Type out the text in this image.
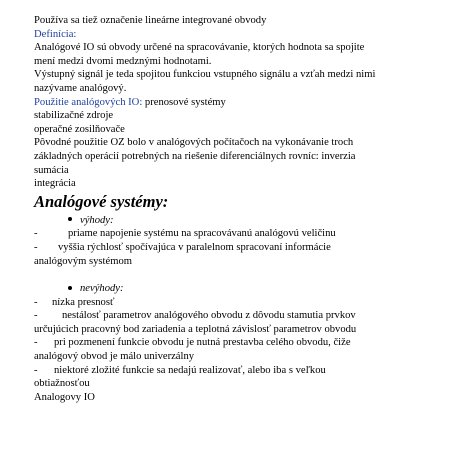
Používa sa tiež označenie lineárne integrované obvody
Definícia:
Analógové IO sú obvody určené na spracovávanie, ktorých hodnota sa spojite
mení medzi dvomi medznými hodnotami.
Výstupný signál je teda spojitou funkciou vstupného signálu a vzťah medzi nimi
nazývame analógový.
Použitie analógových IO: prenosové systémy
stabilizačné zdroje
operačné zosilňovače
Pôvodné použitie OZ bolo v analógových počítačoch na vykonávanie troch
základných operácií potrebných na riešenie diferenciálnych rovníc: inverzia
sumácia
integrácia
Analógové systémy:
výhody:
-	priame napojenie systému na spracovávanú analógovú veličinu
- vyššia rýchlosť spočívajúca v paralelnom spracovaní informácie
analógovým systémom
nevýhody:
- nízka presnosť
- nestálosť parametrov analógového obvodu z dôvodu stamutia prvkov
určujúcich pracovný bod zariadenia a teplotná závislosť parametrov obvodu
- pri pozmenení funkcie obvodu je nutná prestavba celého obvodu, čiže
analógový obvod je málo univerzálny
- niektoré zložité funkcie sa nedajú realizovať, alebo iba s veľkou
obtiažnosťou
Analogovy IO
